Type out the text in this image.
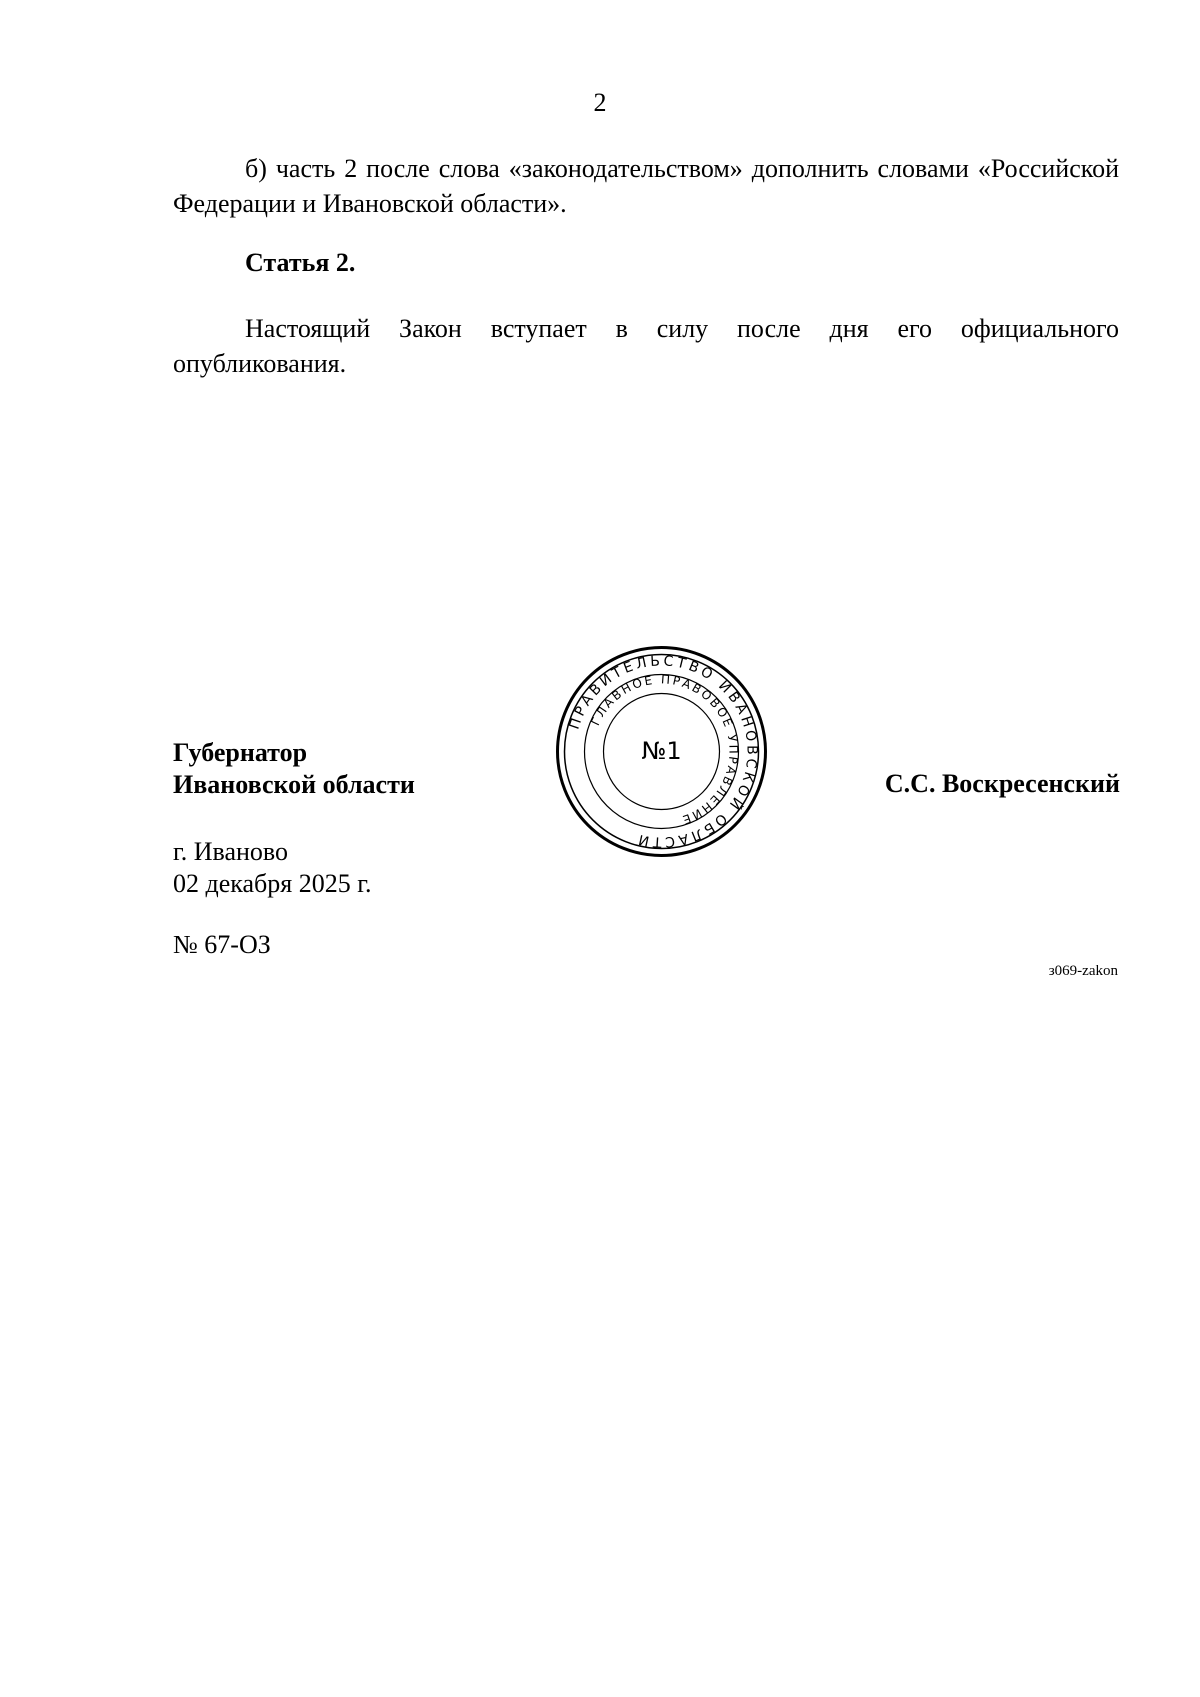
2
б) часть 2 после слова «законодательством» дополнить словами «Российской Федерации и Ивановской области».
Статья 2.
Настоящий Закон вступает в силу после дня его официального опубликования.
Губернатор
Ивановской области
ПРАВИТЕЛЬСТВО ИВАНОВСКОЙ ОБЛАСТИ
ГЛАВНОЕ ПРАВОВОЕ УПРАВЛЕНИЕ
№1
С.С. Воскресенский
г. Иваново
02 декабря 2025 г.
№ 67-ОЗ
з069-zakon
